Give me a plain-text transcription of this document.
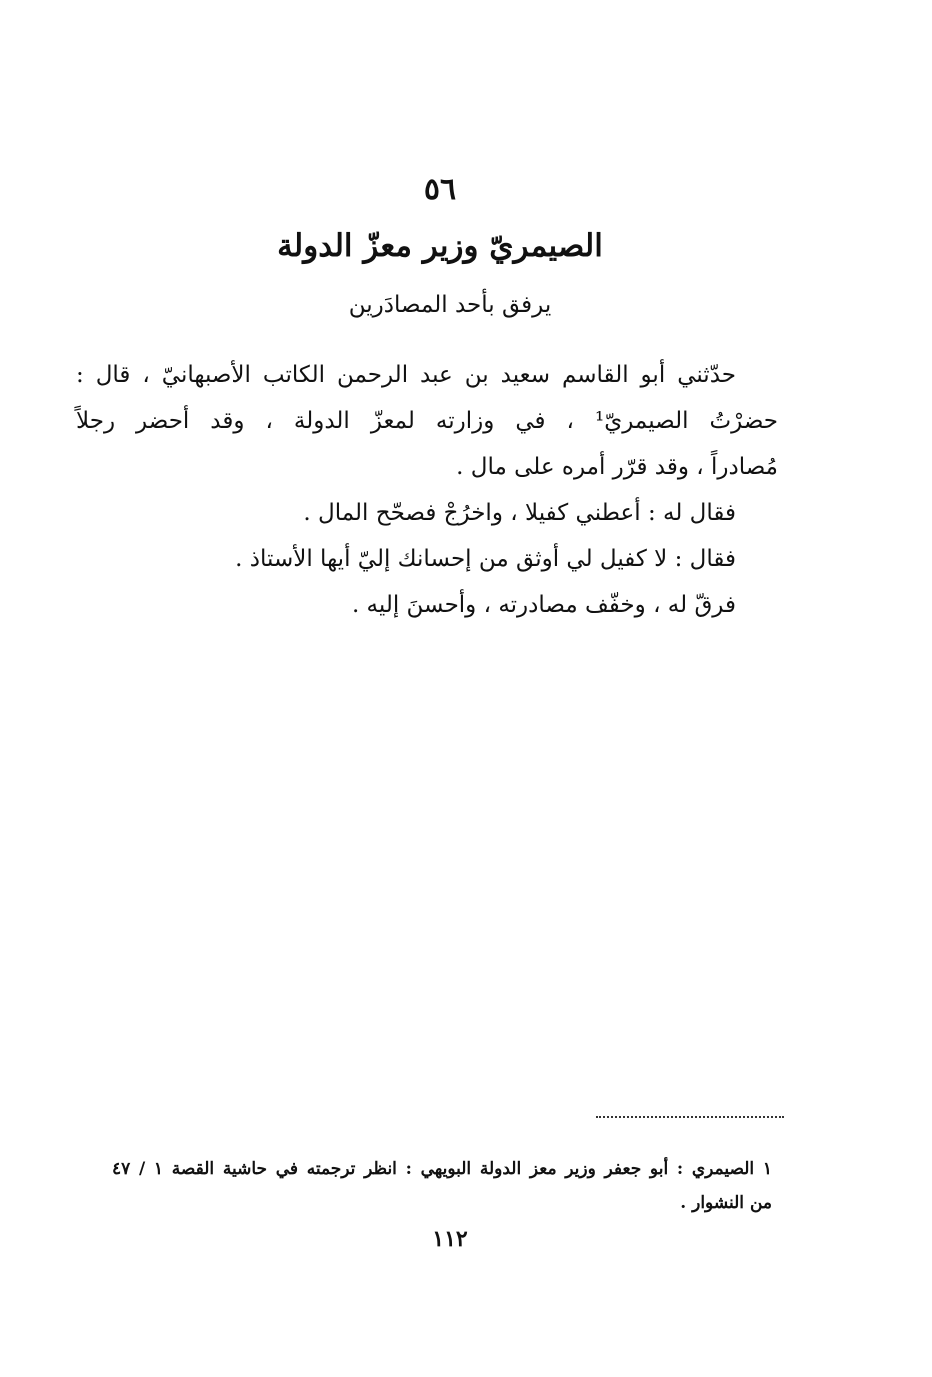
٥٦
الصيمريّ وزير معزّ الدولة
يرفق بأحد المصادَرين
حدّثني أبو القاسم سعيد بن عبد الرحمن الكاتب الأصبهانيّ ، قال :
حضرْتُ الصيمريّ¹ ، في وزارته لمعزّ الدولة ، وقد أحضر رجلاً
مُصادراً ، وقد قرّر أمره على مال .
فقال له : أعطني كفيلا ، واخرُجْ فصحّح المال .
فقال : لا كفيل لي أوثق من إحسانك إليّ أيها الأستاذ .
فرقّ له ، وخفّف مصادرته ، وأحسنَ إليه .
١ الصيمري : أبو جعفر وزير معز الدولة البويهي : انظر ترجمته في حاشية القصة ١ / ٤٧
من النشوار .
١١٢
